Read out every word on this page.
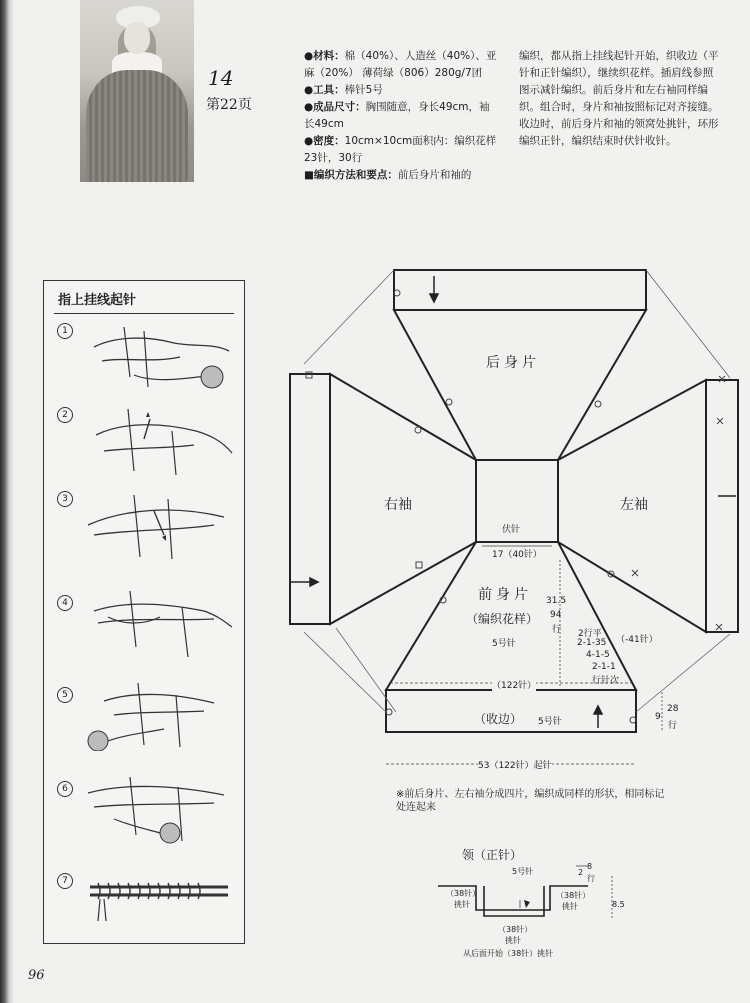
14
第22页
●材料：棉（40%）、人造丝（40%）、亚麻（20%） 薄荷绿（806）280g/7团
●工具：棒针5号
●成品尺寸：胸围随意，身长49cm，袖长49cm
●密度：10cm×10cm面积内：编织花样23针，30行
■编织方法和要点：前后身片和袖的
编织，都从指上挂线起针开始，织收边（平针和正针编织），继续织花样。插肩线参照图示减针编织。前后身片和左右袖同样编织。组合时，身片和袖按照标记对齐接缝。收边时，前后身片和袖的领窝处挑针，环形编织正针，编织结束时伏针收针。
指上挂线起针
1
2
3
4
5
6
7
后身片
右袖	左袖
前身片
（编织花样）
5号针
伏针
17（40针）
31.5
94
行 2行平
2-1-35
4-1-5
2-1-1
行针次
（-41针）
（122针）
（收边） 5号针	9
28
行
53（122针）起针
※前后身片、左右袖分成四片，编织成同样的形状，相同标记处连起来
领（正针）
5号针	2
8
行
（38针）
挑针
（38针）
挑针	8.5
（38针）
挑针
从后面开始（38针）挑针
96
